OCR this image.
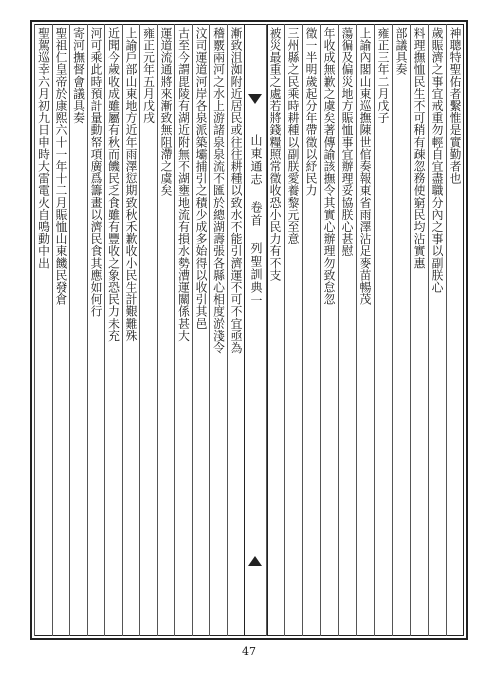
漸致沮洳附近居民或往往耕種以致水不能引濟運不可不宜亟為
稽覈兩河之水上游諸泉泉流不匯於總湖壽張各縣心相度淤淺令
汶司運道河岸各泉派築壩捕引之積少成多始得以收引其邑
古至今謂毘陵有湖近附無不湖壅地流有損水勢漕運關係甚大
運道流通將來漸致無阻滯之虞矣
雍正元年五月戊戌
上諭戶部山東地方近年雨澤愆期致秋禾歉收小民生計艱難殊
近聞今歲收成雖屬有秋而饑民乏食雖有豐收之象恐民力未充
河可乘此時預計量動帑項廣爲籌畫以濟民食其應如何行
寄河撫督會議具奏
聖祖仁皇帝於康熙六十一年十二月賑恤山東饑民發倉
聖駕巡幸六月初九日申時大雷電火自鳴動中出	山東通志 卷首 列聖訓典一
神聰特聖佑者繫惟是實勤者也
歲賑濟之事宜戒重勿輕自宜盡職分內之事以副朕心
料理撫恤民生不可稍有疎忽務使窮民均沾實惠
部議具奏
雍正三年二月戊子
上諭內閣山東巡撫陳世倌奏報東省雨澤沾足麥苗暢茂
蕩徧及偏災地方賑恤事宜辦理妥協朕心甚慰
年收成無歉之虞矣著傳諭該撫令其實心辦理勿致怠忽
徵一半明歲起分年帶徵以紓民力
三州縣之民乘時耕種以副朕愛養黎元至意
被災最重之處若將錢糧照常徵收恐小民力有不支
47
